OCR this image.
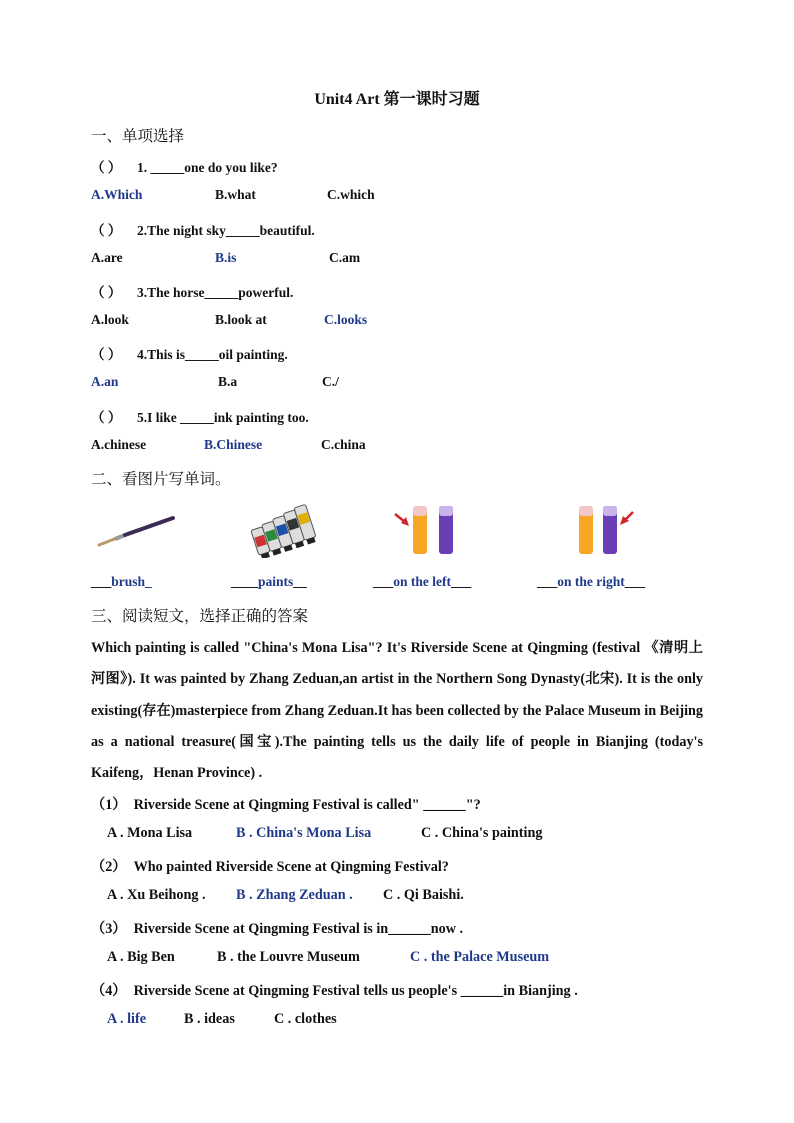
Unit4 Art 第一课时习题
一、单项选择
（ ） 1. _____one do you like?
A.Which	B.what	C.which
（ ） 2.The night sky_____beautiful.
A.are	B.is	C.am
（ ） 3.The horse_____powerful.
A.look	B.look at	C.looks
（ ） 4.This is_____oil painting.
A.an	B.a	C./
（ ） 5.I like _____ink painting too.
A.chinese	B.Chinese	C.china
二、看图片写单词。
___brush_	____paints__	___on the left___	___on the right___
三、阅读短文，选择正确的答案
Which painting is called "China's Mona Lisa"? It's Riverside Scene at Qingming (festival 《清明上河图》). It was painted by Zhang Zeduan,an artist in the Northern Song Dynasty(北宋). It is the only existing(存在)masterpiece from Zhang Zeduan.It has been collected by the Palace Museum in Beijing as a national treasure(国宝).The painting tells us the daily life of people in Bianjing (today's Kaifeng，Henan Province) .
（1） Riverside Scene at Qingming Festival is called" ______"?
A . Mona Lisa	B . China's Mona Lisa	C . China's painting
（2） Who painted Riverside Scene at Qingming Festival?
A . Xu Beihong . B . Zhang Zeduan . C . Qi Baishi.
（3） Riverside Scene at Qingming Festival is in______now .
A . Big Ben	B . the Louvre Museum	C . the Palace Museum
（4） Riverside Scene at Qingming Festival tells us people's ______in Bianjing .
A . life	B . ideas	C . clothes
